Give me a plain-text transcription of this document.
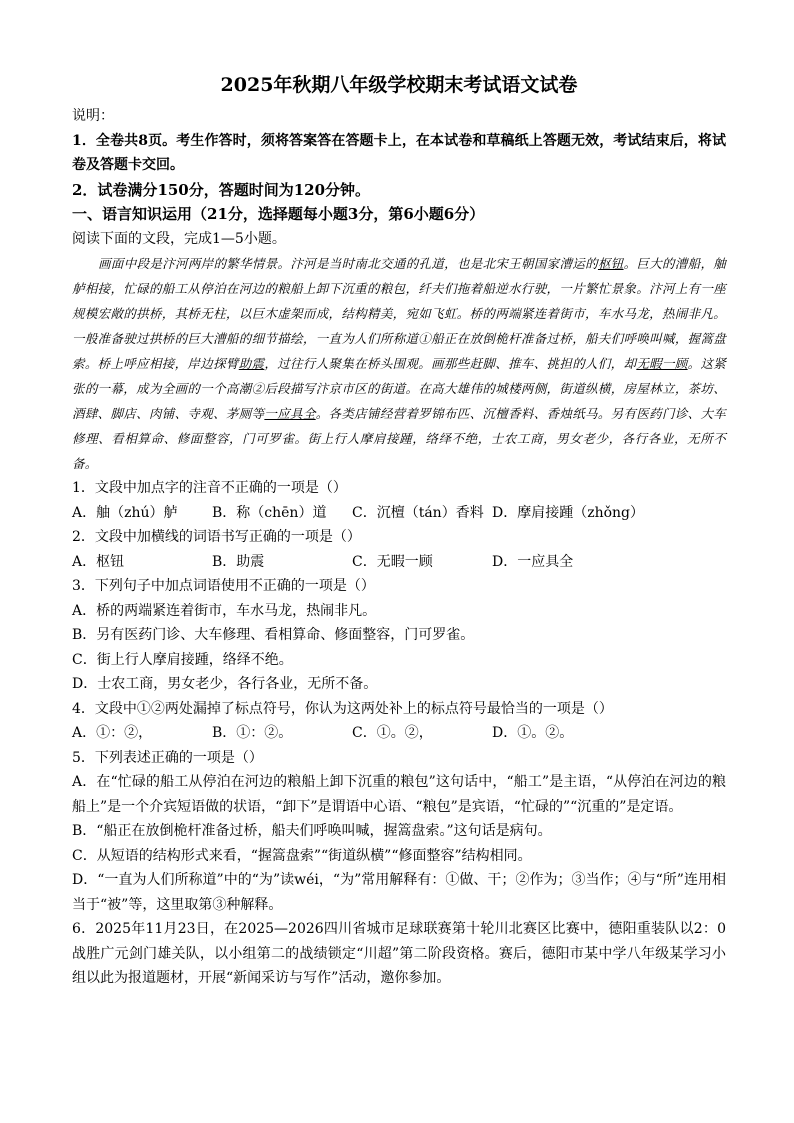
2025年秋期八年级学校期末考试语文试卷
说明：
1．全卷共8页。考生作答时，须将答案答在答题卡上，在本试卷和草稿纸上答题无效，考试结束后，将试卷及答题卡交回。
2．试卷满分150分，答题时间为120分钟。
一、语言知识运用（21分，选择题每小题3分，第6小题6分）
阅读下面的文段，完成1—5小题。
画面中段是汴河两岸的繁华情景。汴河是当时南北交通的孔道，也是北宋王朝国家漕运的枢钮。巨大的漕船，舳舻相接，忙碌的船工从停泊在河边的粮船上卸下沉重的粮包，纤夫们拖着船逆水行驶，一片繁忙景象。汴河上有一座规模宏敞的拱桥，其桥无柱，以巨木虚架而成，结构精美，宛如飞虹。桥的两端紧连着街市，车水马龙，热闹非凡。一般准备驶过拱桥的巨大漕船的细节描绘，一直为人们所称道①船正在放倒桅杆准备过桥，船夫们呼唤叫喊，握篙盘索。桥上呼应相接，岸边探臂助震，过往行人聚集在桥头围观。画那些赶脚、推车、挑担的人们，却无暇一顾。这紧张的一幕，成为全画的一个高潮②后段描写汴京市区的街道。在高大雄伟的城楼两侧，街道纵横，房屋林立，茶坊、酒肆、脚店、肉铺、寺观、茅厕等一应具全。各类店铺经营着罗锦布匹、沉檀香料、香烛纸马。另有医药门诊、大车修理、看相算命、修面整容，门可罗雀。街上行人摩肩接踵，络绎不绝，士农工商，男女老少，各行各业，无所不备。
1．文段中加点字的注音不正确的一项是（）
A．舳（zhú）舻	B．称（chēn）道	C．沉檀（tán）香料 D．摩肩接踵（zhǒng）
2．文段中加横线的词语书写正确的一项是（）
A．枢钮	B．助震	C．无暇一顾	D．一应具全
3．下列句子中加点词语使用不正确的一项是（）
A．桥的两端紧连着街市，车水马龙，热闹非凡。
B．另有医药门诊、大车修理、看相算命、修面整容，门可罗雀。
C．街上行人摩肩接踵，络绎不绝。
D．士农工商，男女老少，各行各业，无所不备。
4．文段中①②两处漏掉了标点符号，你认为这两处补上的标点符号最恰当的一项是（）
A．①：②，	B．①：②。	C．①。②，	D．①。②。
5．下列表述正确的一项是（）
A．在“忙碌的船工从停泊在河边的粮船上卸下沉重的粮包”这句话中，“船工”是主语，“从停泊在河边的粮船上”是一个介宾短语做的状语，“卸下”是谓语中心语、“粮包”是宾语，“忙碌的”“沉重的”是定语。
B．“船正在放倒桅杆准备过桥，船夫们呼唤叫喊，握篙盘索。”这句话是病句。
C．从短语的结构形式来看，“握篙盘索”“街道纵横”“修面整容”结构相同。
D．“一直为人们所称道”中的“为”读wéi，“为”常用解释有：①做、干；②作为；③当作；④与“所”连用相当于“被”等，这里取第③种解释。
6．2025年11月23日，在2025—2026四川省城市足球联赛第十轮川北赛区比赛中，德阳重装队以2：0战胜广元剑门雄关队，以小组第二的战绩锁定“川超”第二阶段资格。赛后，德阳市某中学八年级某学习小组以此为报道题材，开展“新闻采访与写作”活动，邀你参加。
